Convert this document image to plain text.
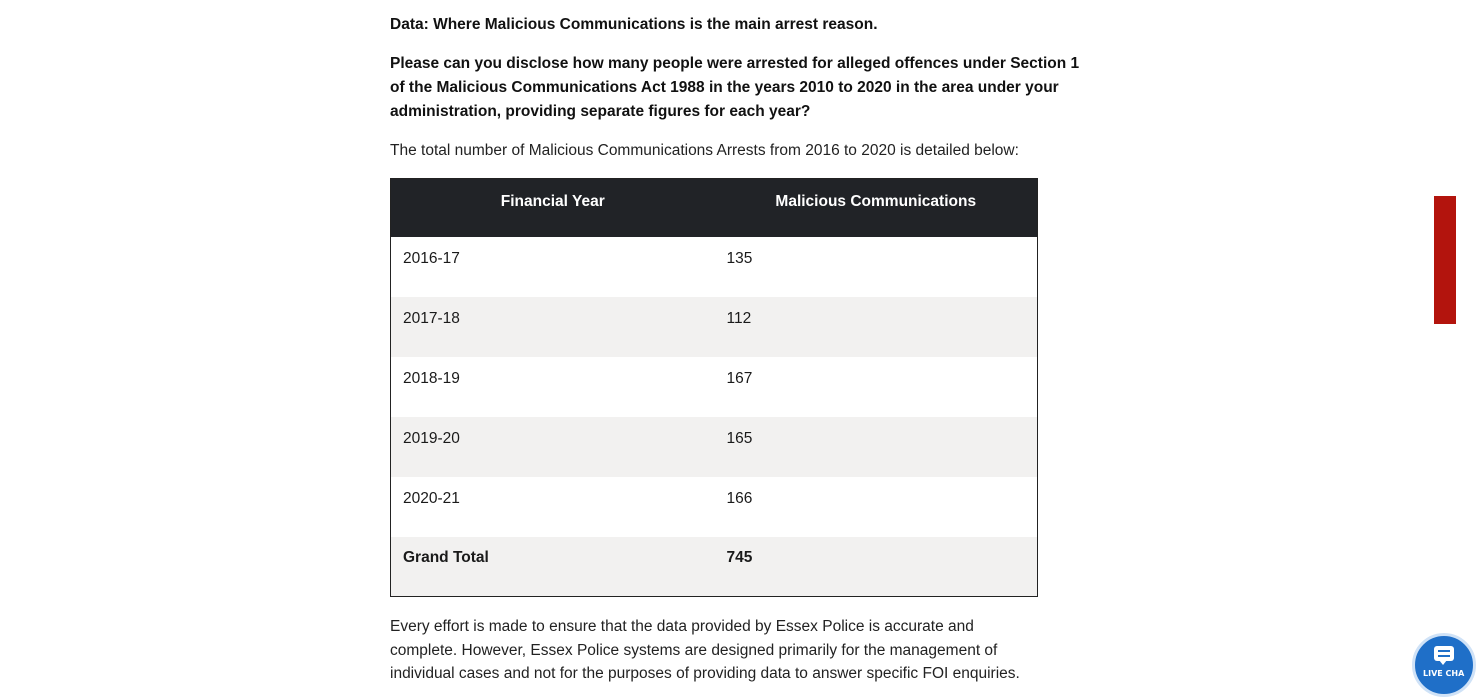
Data: Where Malicious Communications is the main arrest reason.
Please can you disclose how many people were arrested for alleged offences under Section 1
of the Malicious Communications Act 1988 in the years 2010 to 2020 in the area under your
administration, providing separate figures for each year?
The total number of Malicious Communications Arrests from 2016 to 2020 is detailed below:
Financial Year	Malicious Communications
2016-17	135
2017-18	112
2018-19	167
2019-20	165
2020-21	166
Grand Total	745
Every effort is made to ensure that the data provided by Essex Police is accurate and
complete. However, Essex Police systems are designed primarily for the management of
individual cases and not for the purposes of providing data to answer specific FOI enquiries.	LIVE CHA
